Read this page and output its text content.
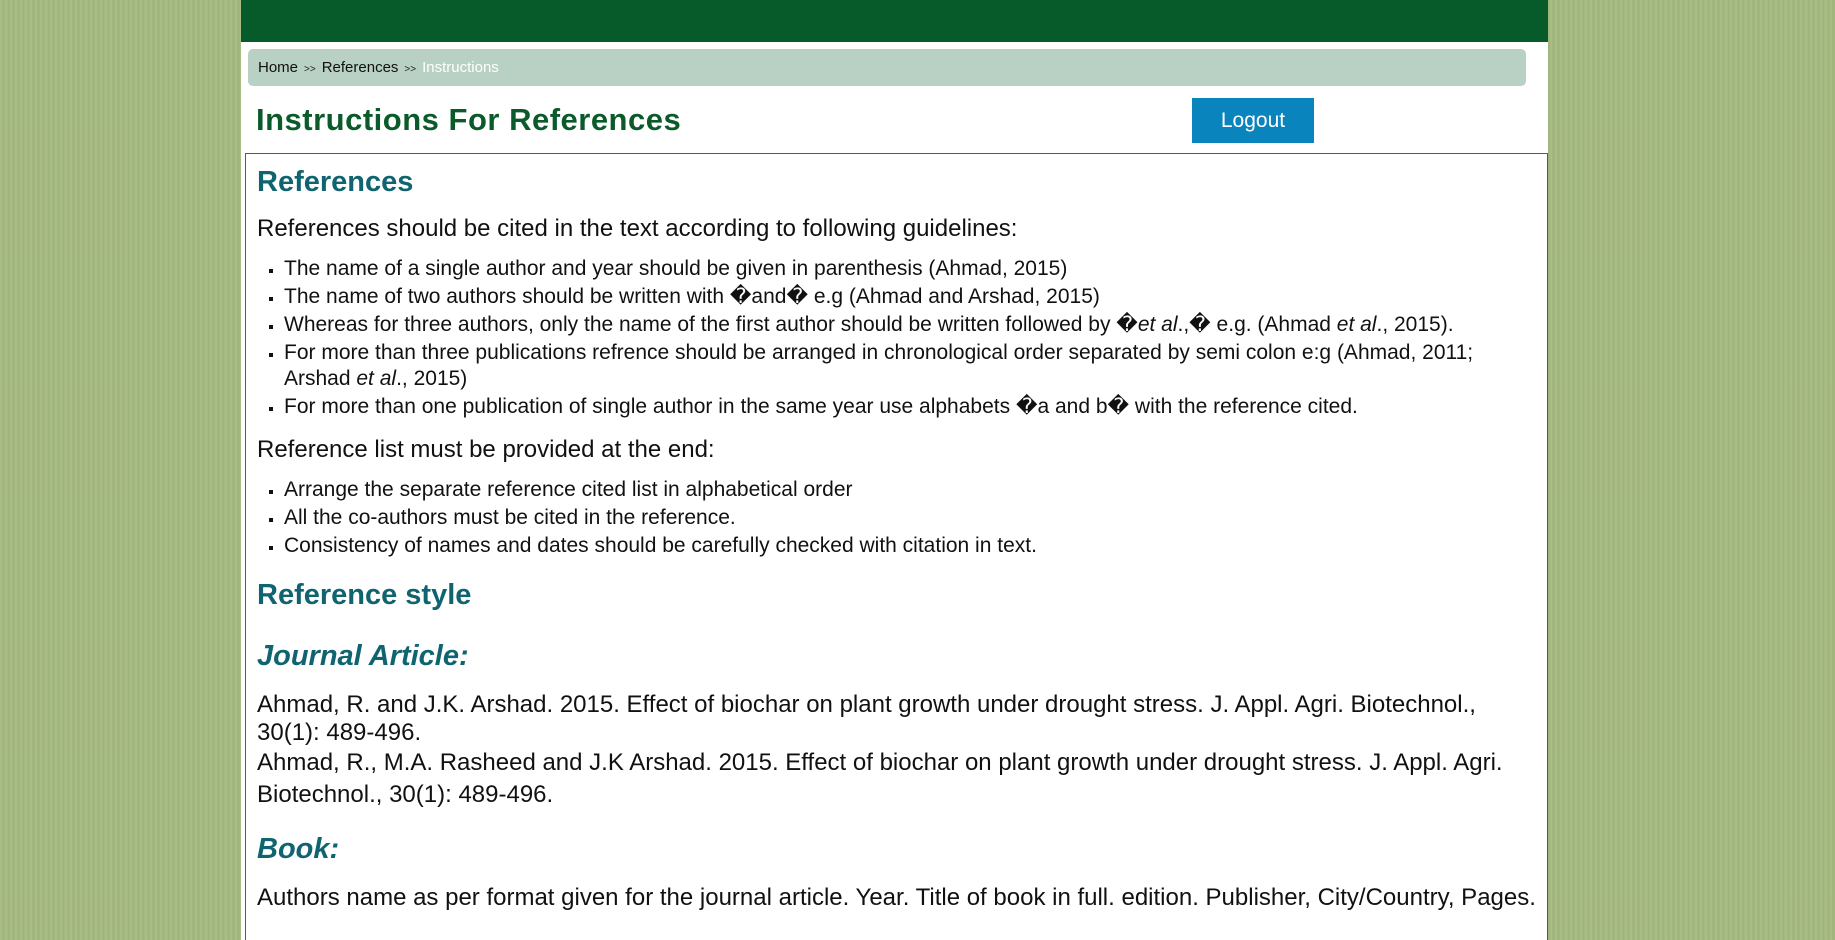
Home >> References >> Instructions
Instructions For References	Logout
References

References should be cited in the text according to following guidelines:

▪ The name of a single author and year should be given in parenthesis (Ahmad, 2015)
▪ The name of two authors should be written with �and� e.g (Ahmad and Arshad, 2015)
▪ Whereas for three authors, only the name of the first author should be written followed by �et al.,� e.g. (Ahmad et al., 2015).
▪ For more than three publications refrence should be arranged in chronological order separated by semi colon e:g (Ahmad, 2011; Arshad et al., 2015)
▪ For more than one publication of single author in the same year use alphabets �a and b� with the reference cited.

Reference list must be provided at the end:

▪ Arrange the separate reference cited list in alphabetical order
▪ All the co-authors must be cited in the reference.
▪ Consistency of names and dates should be carefully checked with citation in text.
Reference style
Journal Article:

Ahmad, R. and J.K. Arshad. 2015. Effect of biochar on plant growth under drought stress. J. Appl. Agri. Biotechnol., 30(1): 489-496.

Ahmad, R., M.A. Rasheed and J.K Arshad. 2015. Effect of biochar on plant growth under drought stress. J. Appl. Agri. Biotechnol., 30(1): 489-496.

Book:

Authors name as per format given for the journal article. Year. Title of book in full. edition. Publisher, City/Country, Pages.
